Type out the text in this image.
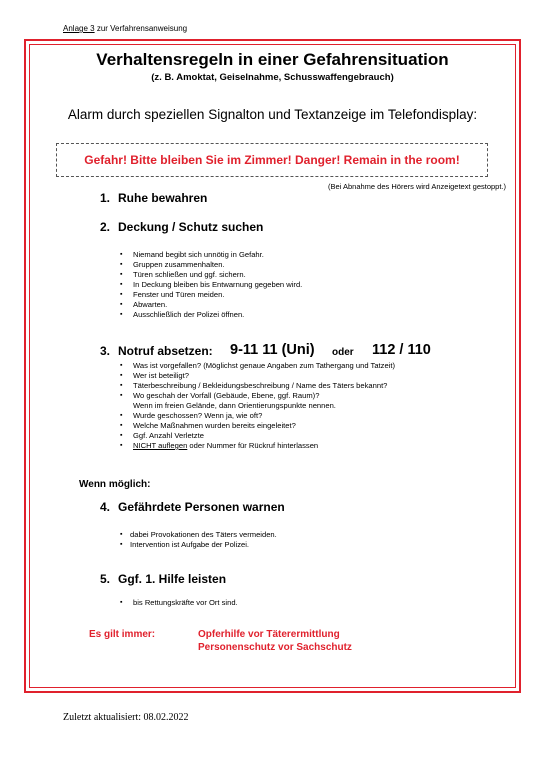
Anlage 3 zur Verfahrensanweisung
Verhaltensregeln in einer Gefahrensituation
(z. B. Amoktat, Geiselnahme, Schusswaffengebrauch)
Alarm durch speziellen Signalton und Textanzeige im Telefondisplay:
Gefahr! Bitte bleiben Sie im Zimmer! Danger! Remain in the room!
(Bei Abnahme des Hörers wird Anzeigetext gestoppt.)
1. Ruhe bewahren
2. Deckung / Schutz suchen
▪ Niemand begibt sich unnötig in Gefahr.
▪ Gruppen zusammenhalten.
▪ Türen schließen und ggf. sichern.
▪ In Deckung bleiben bis Entwarnung gegeben wird.
▪ Fenster und Türen meiden.
▪ Abwarten.
▪ Ausschließlich der Polizei öffnen.
3. Notruf absetzen: 9-11 11 (Uni) oder 112 / 110
▪ Was ist vorgefallen? (Möglichst genaue Angaben zum Tathergang und Tatzeit)
▪ Wer ist beteiligt?
▪ Täterbeschreibung / Bekleidungsbeschreibung / Name des Täters bekannt?
▪ Wo geschah der Vorfall (Gebäude, Ebene, ggf. Raum)?
Wenn im freien Gelände, dann Orientierungspunkte nennen.
▪ Wurde geschossen? Wenn ja, wie oft?
▪ Welche Maßnahmen wurden bereits eingeleitet?
▪ Ggf. Anzahl Verletzte
▪ NICHT auflegen oder Nummer für Rückruf hinterlassen
Wenn möglich:
4. Gefährdete Personen warnen
▪ dabei Provokationen des Täters vermeiden.
▪ Intervention ist Aufgabe der Polizei.
5. Ggf. 1. Hilfe leisten
▪ bis Rettungskräfte vor Ort sind.
Es gilt immer:	Opferhilfe vor Täterermittlung
Personenschutz vor Sachschutz
Zuletzt aktualisiert: 08.02.2022
